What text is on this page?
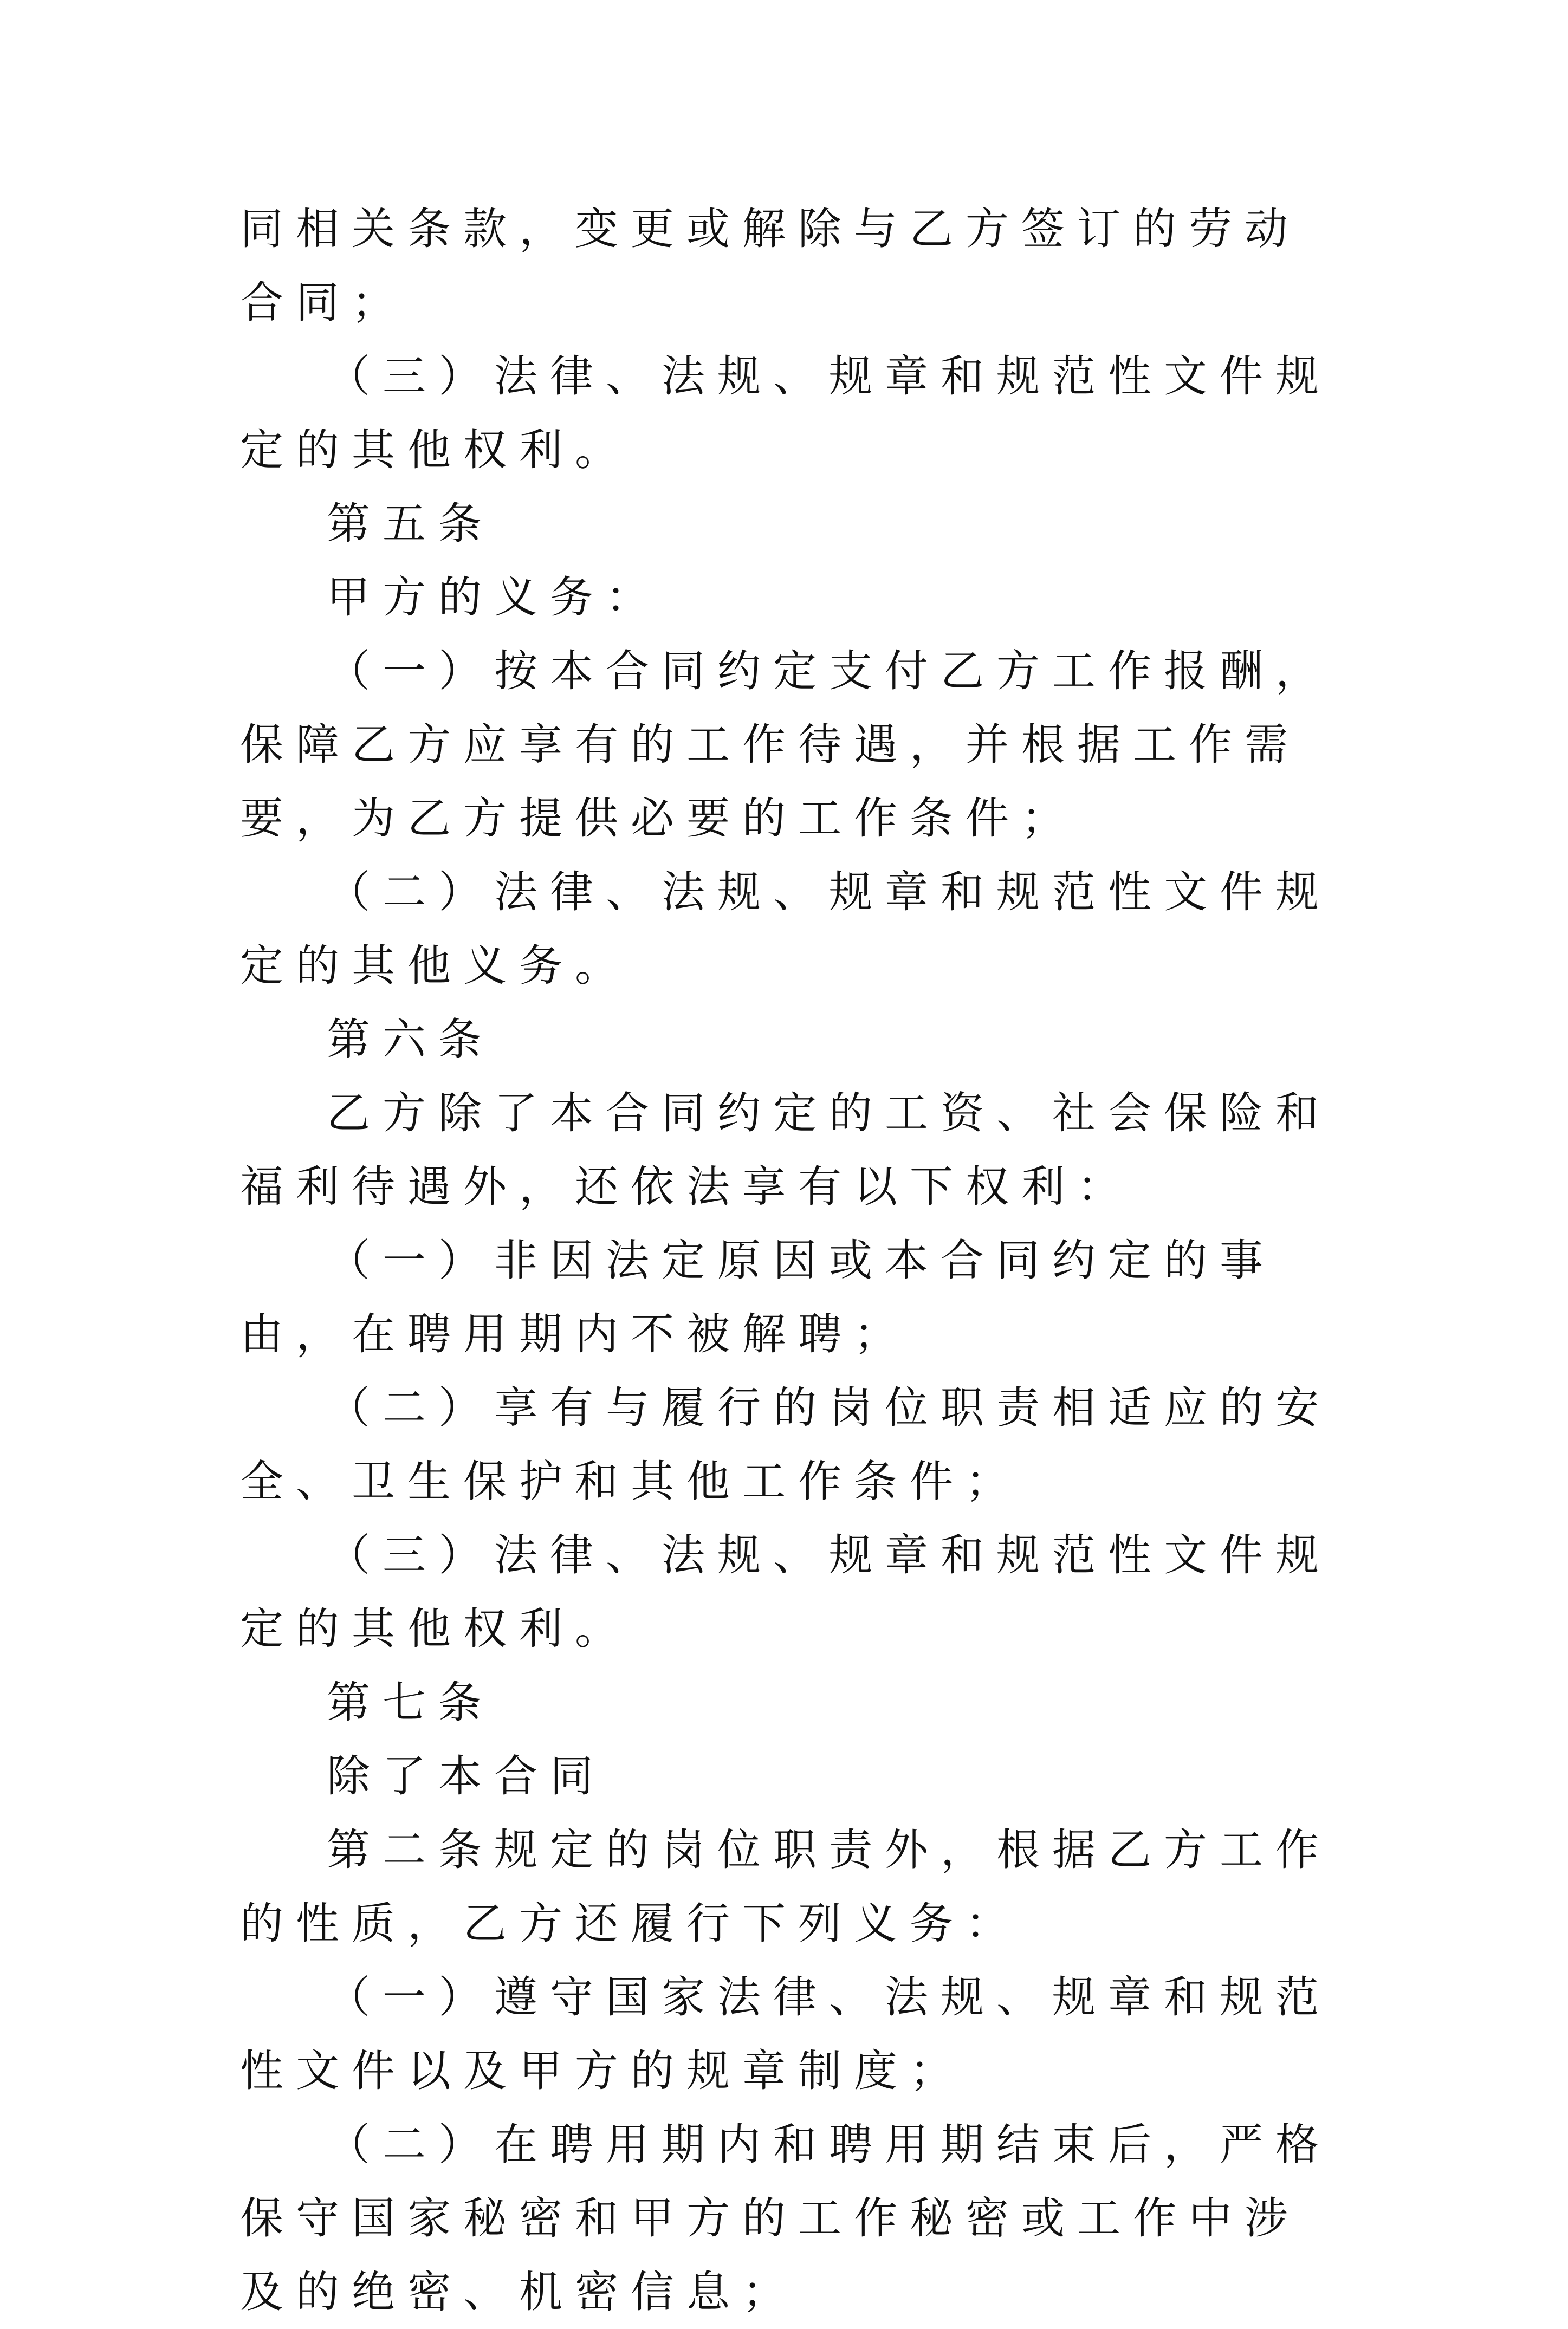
同相关条款，变更或解除与乙方签订的劳动合同；

（三）法律、法规、规章和规范性文件规定的其他权利。

第五条

甲方的义务：

（一）按本合同约定支付乙方工作报酬，保障乙方应享有的工作待遇，并根据工作需要，为乙方提供必要的工作条件；

（二）法律、法规、规章和规范性文件规定的其他义务。

第六条

乙方除了本合同约定的工资、社会保险和福利待遇外，还依法享有以下权利：

（一）非因法定原因或本合同约定的事由，在聘用期内不被解聘；

（二）享有与履行的岗位职责相适应的安全、卫生保护和其他工作条件；

（三）法律、法规、规章和规范性文件规定的其他权利。

第七条

除了本合同

第二条规定的岗位职责外，根据乙方工作的性质，乙方还履行下列义务：

（一）遵守国家法律、法规、规章和规范性文件以及甲方的规章制度；

（二）在聘用期内和聘用期结束后，严格保守国家秘密和甲方的工作秘密或工作中涉及的绝密、机密信息；
